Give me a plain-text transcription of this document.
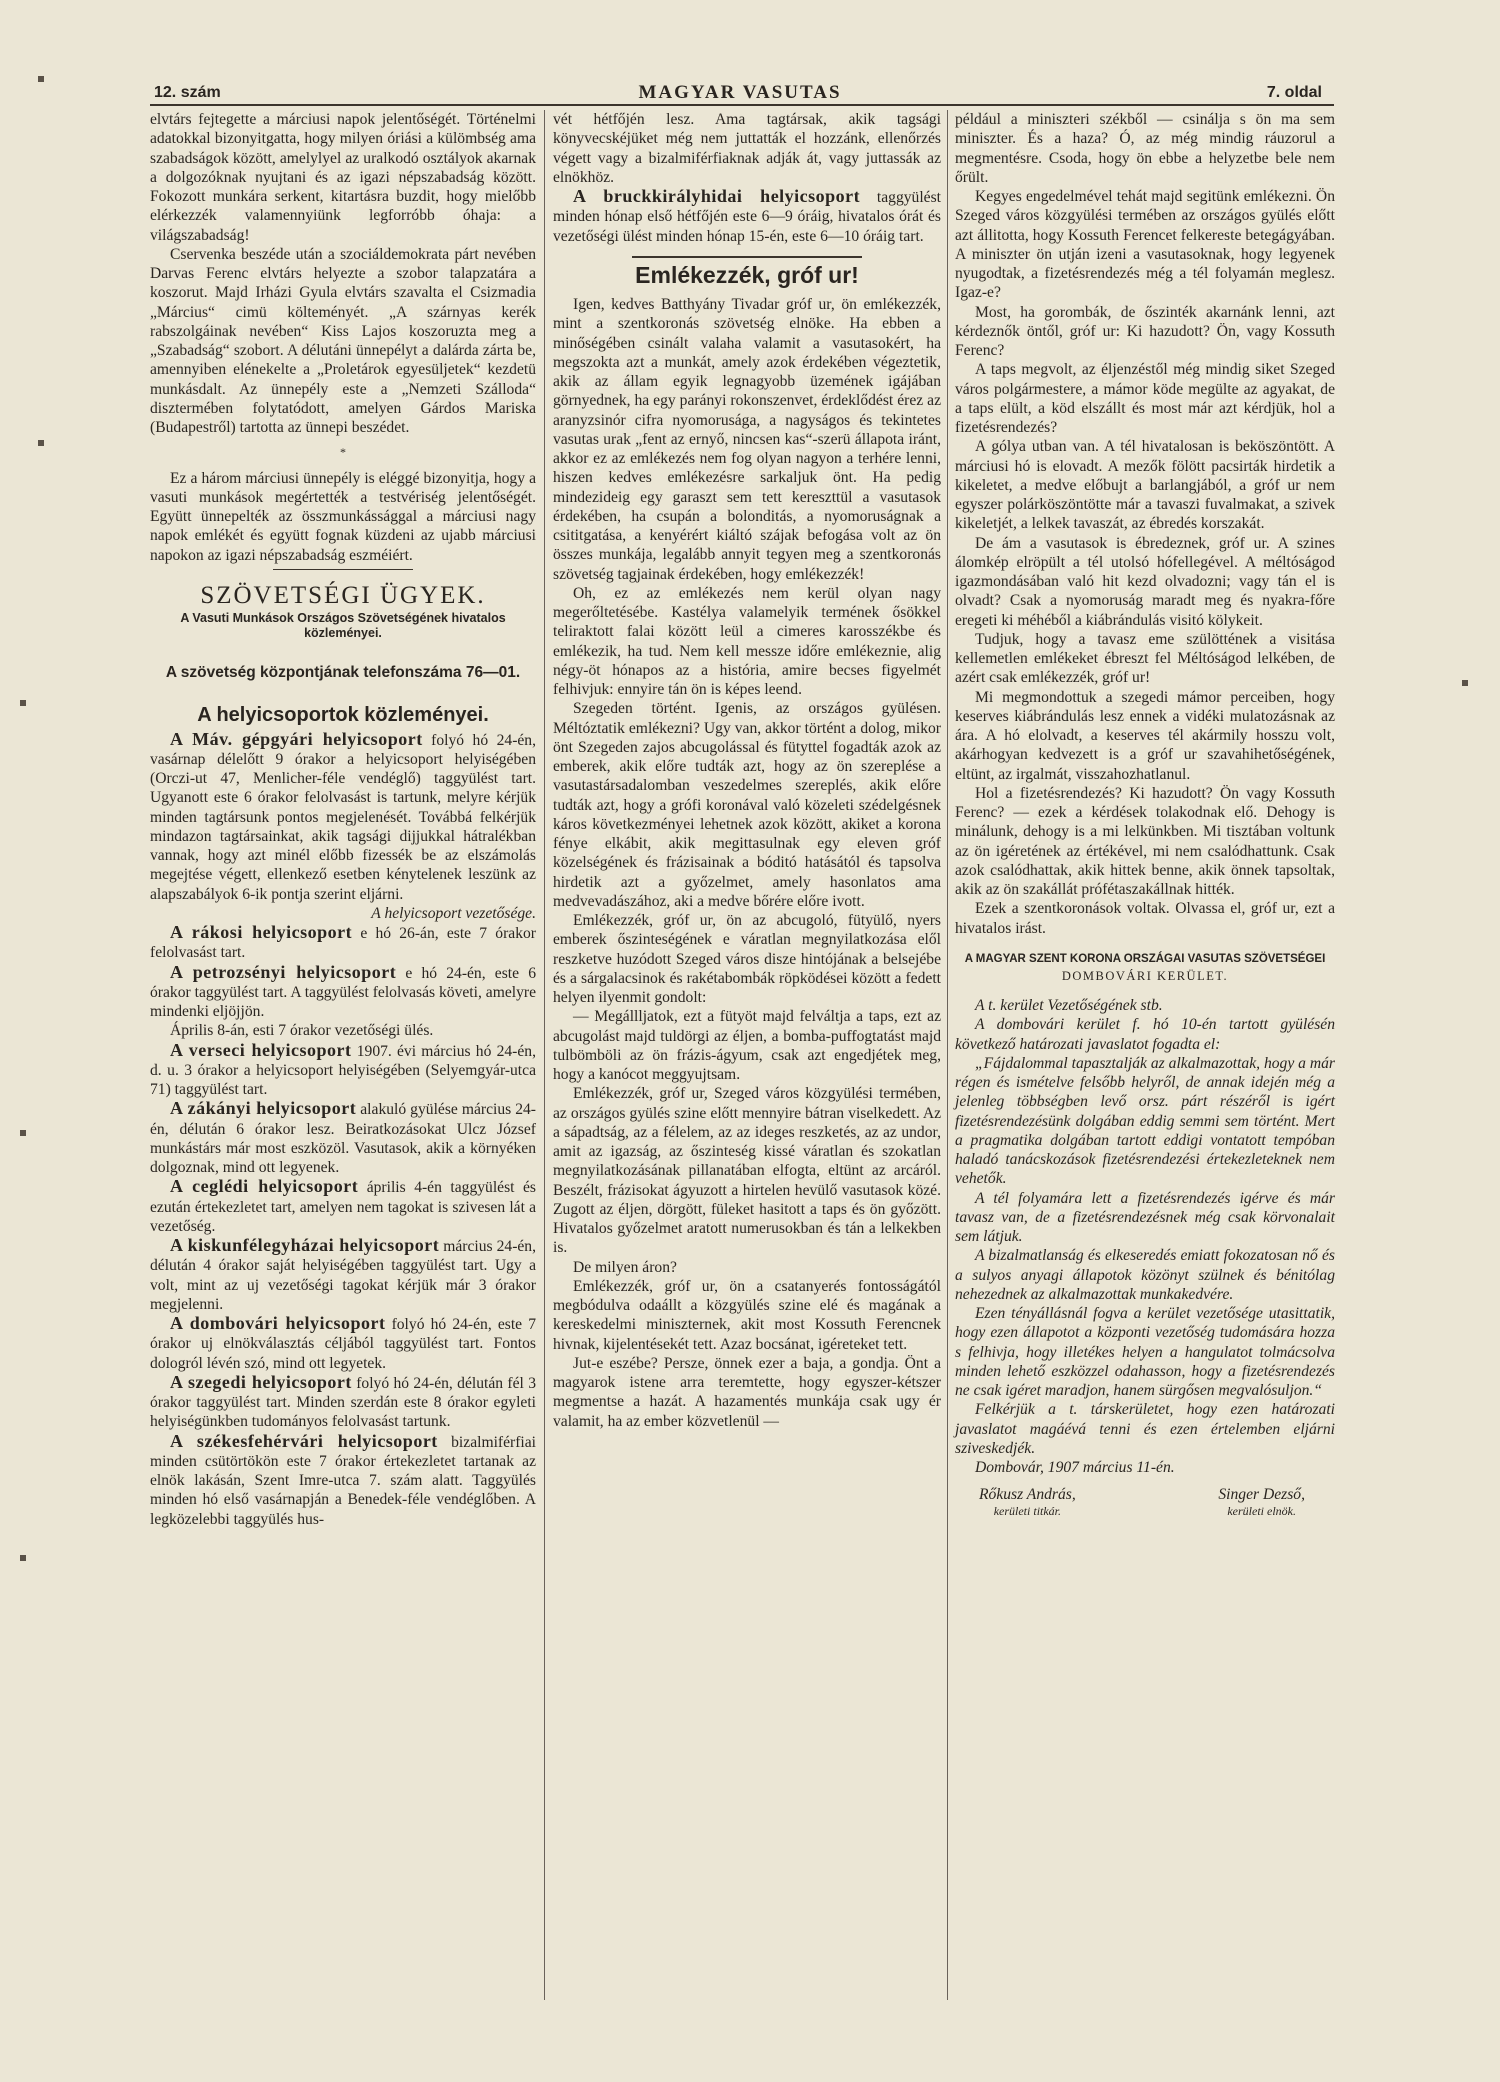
12. szám	MAGYAR VASUTAS	7. oldal

elvtárs fejtegette a márciusi napok jelentőségét. Történelmi adatokkal bizonyitgatta, hogy milyen óriási a külömbség ama szabadságok között, amelylyel az uralkodó osztályok akarnak a dolgozóknak nyujtani és az igazi népszabadság között. Fokozott munkára serkent, kitartásra buzdit, hogy mielőbb elérkezzék valamennyiünk legforróbb óhaja: a világszabadság!

Cservenka beszéde után a szociáldemokrata párt nevében Darvas Ferenc elvtárs helyezte a szobor talapzatára a koszorut. Majd Irházi Gyula elvtárs szavalta el Csizmadia „Március“ cimü költeményét. „A szárnyas kerék rabszolgáinak nevében“ Kiss Lajos koszoruzta meg a „Szabadság“ szobort. A délutáni ünnepélyt a dalárda zárta be, amennyiben elénekelte a „Proletárok egyesüljetek“ kezdetü munkásdalt. Az ünnepély este a „Nemzeti Szálloda“ disztermében folytatódott, amelyen Gárdos Mariska (Budapestről) tartotta az ünnepi beszédet.

*

Ez a három márciusi ünnepély is eléggé bizonyitja, hogy a vasuti munkások megértették a testvériség jelentőségét. Együtt ünnepelték az összmunkássággal a márciusi nagy napok emlékét és együtt fognak küzdeni az ujabb márciusi napokon az igazi népszabadság eszméiért.

SZÖVETSÉGI ÜGYEK.

A Vasuti Munkások Országos Szövetségének hivatalos közleményei.

A szövetség központjának telefonszáma 76—01.

A helyicsoportok közleményei.

A Máv. gépgyári helyicsoport folyó hó 24-én, vasárnap délelőtt 9 órakor a helyicsoport helyiségében (Orczi-ut 47, Menlicher-féle vendéglő) taggyülést tart. Ugyanott este 6 órakor felolvasást is tartunk, melyre kérjük minden tagtársunk pontos megjelenését. Továbbá felkérjük mindazon tagtársainkat, akik tagsági dijjukkal hátralékban vannak, hogy azt minél előbb fizessék be az elszámolás megejtése végett, ellenkező esetben kénytelenek leszünk az alapszabályok 6-ik pontja szerint eljárni.

A helyicsoport vezetősége.

A rákosi helyicsoport e hó 26-án, este 7 órakor felolvasást tart.

A petrozsényi helyicsoport e hó 24-én, este 6 órakor taggyülést tart. A taggyülést felolvasás követi, amelyre mindenki eljöjjön.

Április 8-án, esti 7 órakor vezetőségi ülés.

A verseci helyicsoport 1907. évi március hó 24-én, d. u. 3 órakor a helyicsoport helyiségében (Selyemgyár-utca 71) taggyülést tart.

A zákányi helyicsoport alakuló gyülése március 24-én, délután 6 órakor lesz. Beiratkozásokat Ulcz József munkástárs már most eszközöl. Vasutasok, akik a környéken dolgoznak, mind ott legyenek.

A ceglédi helyicsoport április 4-én taggyülést és ezután értekezletet tart, amelyen nem tagokat is szivesen lát a vezetőség.

A kiskunfélegyházai helyicsoport március 24-én, délután 4 órakor saját helyiségében taggyülést tart. Ugy a volt, mint az uj vezetőségi tagokat kérjük már 3 órakor megjelenni.

A dombovári helyicsoport folyó hó 24-én, este 7 órakor uj elnökválasztás céljából taggyülést tart. Fontos dologról lévén szó, mind ott legyetek.

A szegedi helyicsoport folyó hó 24-én, délután fél 3 órakor taggyülést tart. Minden szerdán este 8 órakor egyleti helyiségünkben tudományos felolvasást tartunk.

A székesfehérvári helyicsoport bizalmiférfiai minden csütörtökön este 7 órakor értekezletet tartanak az elnök lakásán, Szent Imre-utca 7. szám alatt. Taggyülés minden hó első vasárnapján a Benedek-féle vendéglőben. A legközelebbi taggyülés hus-

vét hétfőjén lesz. Ama tagtársak, akik tagsági könyvecskéjüket még nem juttatták el hozzánk, ellenőrzés végett vagy a bizalmiférfiaknak adják át, vagy juttassák az elnökhöz.

A bruckkirályhidai helyicsoport taggyülést minden hónap első hétfőjén este 6—9 óráig, hivatalos órát és vezetőségi ülést minden hónap 15-én, este 6—10 óráig tart.

Emlékezzék, gróf ur!

Igen, kedves Batthyány Tivadar gróf ur, ön emlékezzék, mint a szentkoronás szövetség elnöke. Ha ebben a minőségében csinált valaha valamit a vasutasokért, ha megszokta azt a munkát, amely azok érdekében végeztetik, akik az állam egyik legnagyobb üzemének igájában görnyednek, ha egy parányi rokonszenvet, érdeklődést érez az aranyzsinór cifra nyomorusága, a nagyságos és tekintetes vasutas urak „fent az ernyő, nincsen kas“-szerü állapota iránt, akkor ez az emlékezés nem fog olyan nagyon a terhére lenni, hiszen kedves emlékezésre sarkaljuk önt. Ha pedig mindezideig egy garaszt sem tett kereszttül a vasutasok érdekében, ha csupán a bolonditás, a nyomoruságnak a csititgatása, a kenyérért kiáltó szájak befogása volt az ön összes munkája, legalább annyit tegyen meg a szentkoronás szövetség tagjainak érdekében, hogy emlékezzék!

Oh, ez az emlékezés nem kerül olyan nagy megerőltetésébe. Kastélya valamelyik termének ősökkel teliraktott falai között leül a cimeres karosszékbe és emlékezik, ha tud. Nem kell messze időre emlékeznie, alig négy-öt hónapos az a história, amire becses figyelmét felhivjuk: ennyire tán ön is képes leend.

Szegeden történt. Igenis, az országos gyülésen. Méltóztatik emlékezni? Ugy van, akkor történt a dolog, mikor önt Szegeden zajos abcugolással és fütyttel fogadták azok az emberek, akik előre tudták azt, hogy az ön szereplése a vasutastársadalomban veszedelmes szereplés, akik előre tudták azt, hogy a grófi koronával való közeleti szédelgésnek káros következményei lehetnek azok között, akiket a korona fénye elkábit, akik megittasulnak egy eleven gróf közelségének és frázisainak a bóditó hatásától és tapsolva hirdetik azt a győzelmet, amely hasonlatos ama medvevadászához, aki a medve bőrére előre ivott.

Emlékezzék, gróf ur, ön az abcugoló, fütyülő, nyers emberek őszinteségének e váratlan megnyilatkozása elől reszketve huzódott Szeged város disze hintójának a belsejébe és a sárgalacsinok és rakétabombák röpködései között a fedett helyen ilyenmit gondolt:

— Megállljatok, ezt a fütyöt majd felváltja a taps, ezt az abcugolást majd tuldörgi az éljen, a bomba-puffogtatást majd tulbömböli az ön frázis-ágyum, csak azt engedjétek meg, hogy a kanócot meggyujtsam.

Emlékezzék, gróf ur, Szeged város közgyülési termében, az országos gyülés szine előtt mennyire bátran viselkedett. Az a sápadtság, az a félelem, az az ideges reszketés, az az undor, amit az igazság, az őszinteség kissé váratlan és szokatlan megnyilatkozásának pillanatában elfogta, eltünt az arcáról. Beszélt, frázisokat ágyuzott a hirtelen hevülő vasutasok közé. Zugott az éljen, dörgött, füleket hasitott a taps és ön győzött. Hivatalos győzelmet aratott numerusokban és tán a lelkekben is.

De milyen áron?

Emlékezzék, gróf ur, ön a csatanyerés fontosságától megbódulva odaállt a közgyülés szine elé és magának a kereskedelmi miniszternek, akit most Kossuth Ferencnek hivnak, kijelentésekét tett. Azaz bocsánat, igéreteket tett.

Jut-e eszébe? Persze, önnek ezer a baja, a gondja. Önt a magyarok istene arra teremtette, hogy egyszer-kétszer megmentse a hazát. A hazamentés munkája csak ugy ér valamit, ha az ember közvetlenül —

például a miniszteri székből — csinálja s ön ma sem miniszter. És a haza? Ó, az még mindig ráuzorul a megmentésre. Csoda, hogy ön ebbe a helyzetbe bele nem őrült.

Kegyes engedelmével tehát majd segitünk emlékezni. Ön Szeged város közgyülési termében az országos gyülés előtt azt állitotta, hogy Kossuth Ferencet felkereste betegágyában. A miniszter ön utján izeni a vasutasoknak, hogy legyenek nyugodtak, a fizetésrendezés még a tél folyamán meglesz. Igaz-e?

Most, ha gorombák, de őszinték akarnánk lenni, azt kérdeznők öntől, gróf ur: Ki hazudott? Ön, vagy Kossuth Ferenc?

A taps megvolt, az éljenzéstől még mindig siket Szeged város polgármestere, a mámor köde megülte az agyakat, de a taps elült, a köd elszállt és most már azt kérdjük, hol a fizetésrendezés?

A gólya utban van. A tél hivatalosan is beköszöntött. A márciusi hó is elovadt. A mezők fölött pacsirták hirdetik a kikeletet, a medve előbujt a barlangjából, a gróf ur nem egyszer polárköszöntötte már a tavaszi fuvalmakat, a szivek kikeletjét, a lelkek tavaszát, az ébredés korszakát.

De ám a vasutasok is ébredeznek, gróf ur. A szines álomkép elröpült a tél utolsó hófellegével. A méltóságod igazmondásában való hit kezd olvadozni; vagy tán el is olvadt? Csak a nyomoruság maradt meg és nyakra-főre eregeti ki méhéből a kiábrándulás visitó kölykeit.

Tudjuk, hogy a tavasz eme szülöttének a visitása kellemetlen emlékeket ébreszt fel Méltóságod lelkében, de azért csak emlékezzék, gróf ur!

Mi megmondottuk a szegedi mámor perceiben, hogy keserves kiábrándulás lesz ennek a vidéki mulatozásnak az ára. A hó elolvadt, a keserves tél akármily hosszu volt, akárhogyan kedvezett is a gróf ur szavahihetőségének, eltünt, az irgalmát, visszahozhatlanul.

Hol a fizetésrendezés? Ki hazudott? Ön vagy Kossuth Ferenc? — ezek a kérdések tolakodnak elő. Dehogy is minálunk, dehogy is a mi lelkünkben. Mi tisztában voltunk az ön igéretének az értékével, mi nem csalódhattunk. Csak azok csalódhattak, akik hittek benne, akik önnek tapsoltak, akik az ön szakállát prófétaszakállnak hitték.

Ezek a szentkoronások voltak. Olvassa el, gróf ur, ezt a hivatalos irást.

A MAGYAR SZENT KORONA ORSZÁGAI VASUTAS SZÖVETSÉGEI

DOMBOVÁRI KERÜLET.

A t. kerület Vezetőségének stb.

A dombovári kerület f. hó 10-én tartott gyülésén következő határozati javaslatot fogadta el:

„Fájdalommal tapasztalják az alkalmazottak, hogy a már régen és ismételve felsőbb helyről, de annak idején még a jelenleg többségben levő orsz. párt részéről is igért fizetésrendezésünk dolgában eddig semmi sem történt. Mert a pragmatika dolgában tartott eddigi vontatott tempóban haladó tanácskozások fizetésrendezési értekezleteknek nem vehetők.

A tél folyamára lett a fizetésrendezés igérve és már tavasz van, de a fizetésrendezésnek még csak körvonalait sem látjuk.

A bizalmatlanság és elkeseredés emiatt fokozatosan nő és a sulyos anyagi állapotok közönyt szülnek és bénitólag nehezednek az alkalmazottak munkakedvére.

Ezen tényállásnál fogva a kerület vezetősége utasittatik, hogy ezen állapotot a központi vezetőség tudomására hozza s felhivja, hogy illetékes helyen a hangulatot tolmácsolva minden lehető eszközzel odahasson, hogy a fizetésrendezés ne csak igéret maradjon, hanem sürgősen megvalósuljon.“

Felkérjük a t. társkerületet, hogy ezen határozati javaslatot magáévá tenni és ezen értelemben eljárni sziveskedjék.

Dombovár, 1907 március 11-én.

Rőkusz András,
kerületi titkár.
Singer Dezső,
kerületi elnök.
